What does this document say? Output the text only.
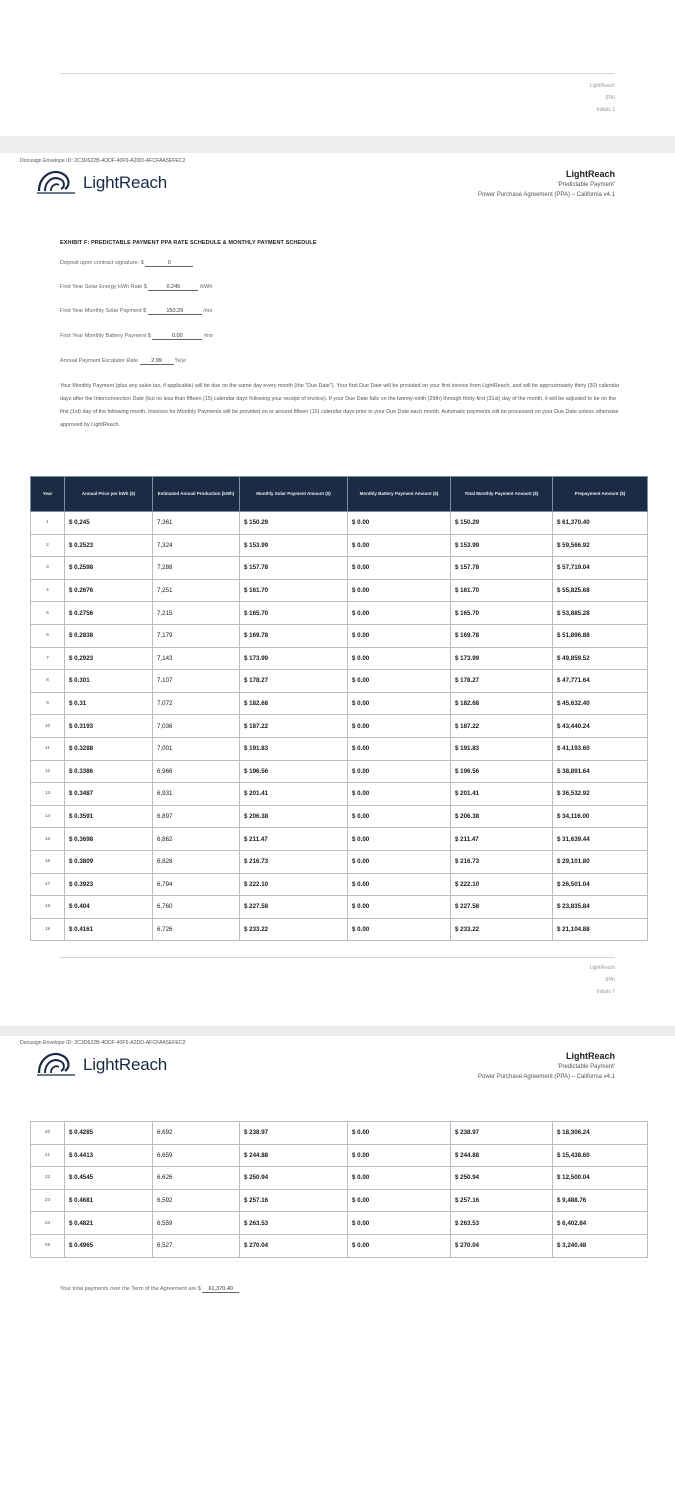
LightReach
(PA)
Initials 1
Docusign Envelope ID: 2C3D622B-4DDF-40F5-A2DD-AFCFAA5EFEC2
LightReach	LightReach
'Predictable Payment'
Power Purchase Agreement (PPA) – California v4.1
EXHIBIT F: PREDICTABLE PAYMENT PPA RATE SCHEDULE & MONTHLY PAYMENT SCHEDULE
Deposit upon contract signature: $	0
First Year Solar Energy kWh Rate $	0.245	/kWh
First Year Monthly Solar Payment $	150.29	/mo
First Year Monthly Battery Payment $	0.00	/mo
Annual Payment Escalator Rate 2.99 %/yr
Your Monthly Payment (plus any sales tax, if applicable) will be due on the same day every month (the "Due Date"). Your first Due Date will be provided on your first invoice from LightReach, and will be approximately thirty (30) calendar days after the Interconnection Date (but no less than fifteen (15) calendar days following your receipt of invoice). If your Due Date falls on the twenty-ninth (29th) through thirty-first (31st) day of the month, it will be adjusted to be on the first (1st) day of the following month. Invoices for Monthly Payments will be provided on or around fifteen (15) calendar days prior to your Due Date each month. Automatic payments will be processed on your Due Date unless otherwise approved by LightReach.
Year	Annual Price per kWh ($)	Estimated Annual Production (kWh)	Monthly Solar Payment Amount ($)	Monthly Battery Payment Amount ($)	Total Monthly Payment Amount ($)	Prepayment Amount ($)
1	$ 0.245	7,361	$ 150.29	$ 0.00	$ 150.29	$ 61,370.40
2	$ 0.2523	7,324	$ 153.99	$ 0.00	$ 153.99	$ 59,566.92
3	$ 0.2598	7,288	$ 157.78	$ 0.00	$ 157.78	$ 57,719.04
4	$ 0.2676	7,251	$ 161.70	$ 0.00	$ 161.70	$ 55,825.68
5	$ 0.2756	7,215	$ 165.70	$ 0.00	$ 165.70	$ 53,885.28
6	$ 0.2838	7,179	$ 169.78	$ 0.00	$ 169.78	$ 51,896.88
7	$ 0.2923	7,143	$ 173.99	$ 0.00	$ 173.99	$ 49,859.52
8	$ 0.301	7,107	$ 178.27	$ 0.00	$ 178.27	$ 47,771.64
9	$ 0.31	7,072	$ 182.68	$ 0.00	$ 182.68	$ 45,632.40
10	$ 0.3193	7,036	$ 187.22	$ 0.00	$ 187.22	$ 43,440.24
11	$ 0.3288	7,001	$ 191.83	$ 0.00	$ 191.83	$ 41,193.60
12	$ 0.3386	6,966	$ 196.56	$ 0.00	$ 196.56	$ 38,891.64
13	$ 0.3487	6,931	$ 201.41	$ 0.00	$ 201.41	$ 36,532.92
14	$ 0.3591	6,897	$ 206.38	$ 0.00	$ 206.38	$ 34,116.00
15	$ 0.3698	6,862	$ 211.47	$ 0.00	$ 211.47	$ 31,639.44
16	$ 0.3809	6,828	$ 216.73	$ 0.00	$ 216.73	$ 29,101.80
17	$ 0.3923	6,794	$ 222.10	$ 0.00	$ 222.10	$ 26,501.04
18	$ 0.404	6,760	$ 227.58	$ 0.00	$ 227.58	$ 23,835.84
19	$ 0.4161	6,726	$ 233.22	$ 0.00	$ 233.22	$ 21,104.88
LightReach
(PA)
Initials 7
Docusign Envelope ID: 2C3D622B-4DDF-40F5-A2DD-AFCFAA5EFEC2
LightReach	LightReach
'Predictable Payment'
Power Purchase Agreement (PPA) – California v4.1
20	$ 0.4285	6,692	$ 238.97	$ 0.00	$ 238.97	$ 18,306.24
21	$ 0.4413	6,659	$ 244.88	$ 0.00	$ 244.88	$ 15,438.60
22	$ 0.4545	6,626	$ 250.94	$ 0.00	$ 250.94	$ 12,500.04
23	$ 0.4681	6,592	$ 257.16	$ 0.00	$ 257.16	$ 9,488.76
24	$ 0.4821	6,559	$ 263.53	$ 0.00	$ 263.53	$ 6,402.84
25	$ 0.4965	6,527	$ 270.04	$ 0.00	$ 270.04	$ 3,240.48
Your total payments over the Term of the Agreement are $ 61,370.40
